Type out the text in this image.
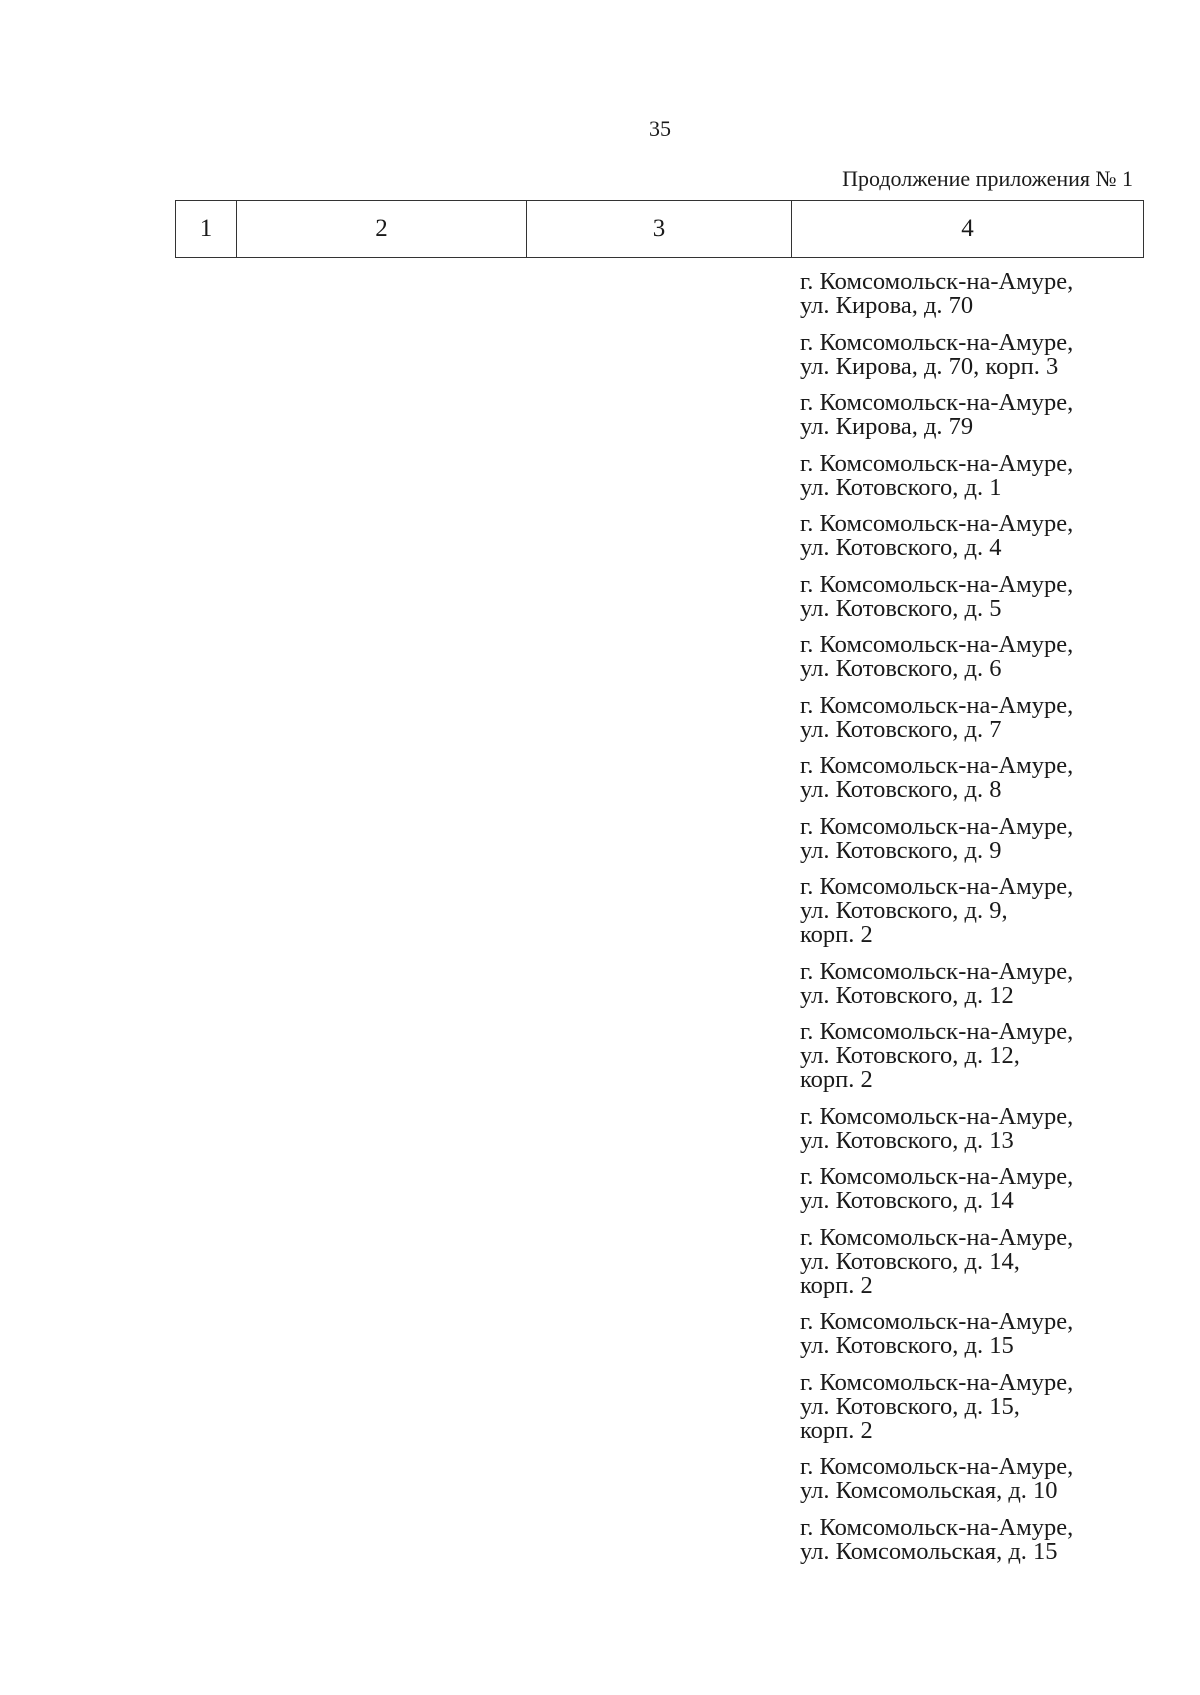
35
Продолжение приложения № 1
1	2	3	4
г. Комсомольск-на-Амуре,
ул. Кирова, д. 70
г. Комсомольск-на-Амуре,
ул. Кирова, д. 70, корп. 3
г. Комсомольск-на-Амуре,
ул. Кирова, д. 79
г. Комсомольск-на-Амуре,
ул. Котовского, д. 1
г. Комсомольск-на-Амуре,
ул. Котовского, д. 4
г. Комсомольск-на-Амуре,
ул. Котовского, д. 5
г. Комсомольск-на-Амуре,
ул. Котовского, д. 6
г. Комсомольск-на-Амуре,
ул. Котовского, д. 7
г. Комсомольск-на-Амуре,
ул. Котовского, д. 8
г. Комсомольск-на-Амуре,
ул. Котовского, д. 9
г. Комсомольск-на-Амуре,
ул. Котовского, д. 9,
корп. 2
г. Комсомольск-на-Амуре,
ул. Котовского, д. 12
г. Комсомольск-на-Амуре,
ул. Котовского, д. 12,
корп. 2
г. Комсомольск-на-Амуре,
ул. Котовского, д. 13
г. Комсомольск-на-Амуре,
ул. Котовского, д. 14
г. Комсомольск-на-Амуре,
ул. Котовского, д. 14,
корп. 2
г. Комсомольск-на-Амуре,
ул. Котовского, д. 15
г. Комсомольск-на-Амуре,
ул. Котовского, д. 15,
корп. 2
г. Комсомольск-на-Амуре,
ул. Комсомольская, д. 10
г. Комсомольск-на-Амуре,
ул. Комсомольская, д. 15
